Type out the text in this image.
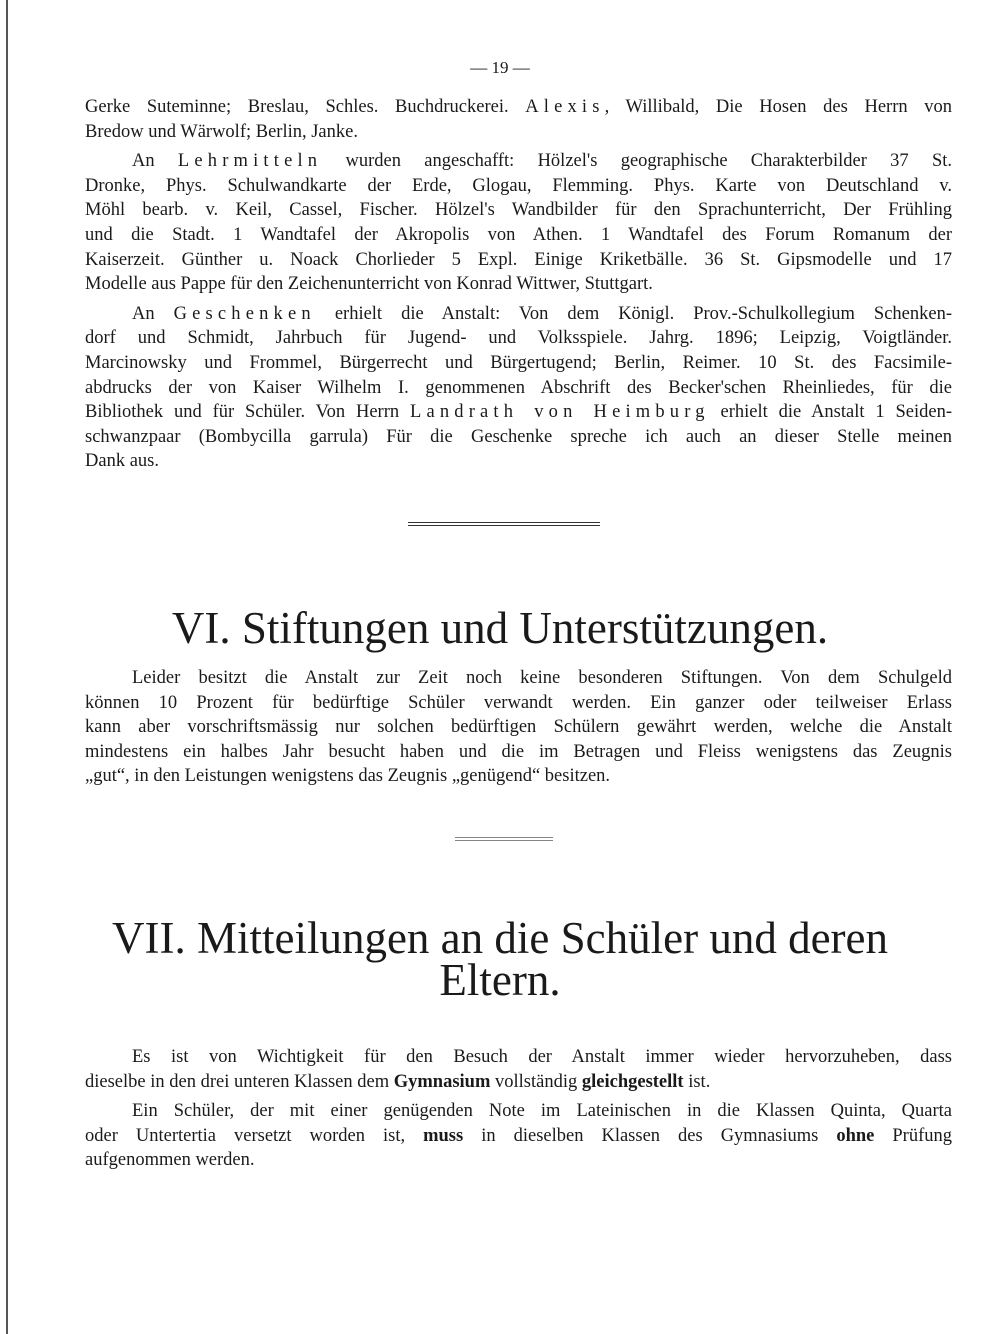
— 19 —
Gerke Suteminne; Breslau, Schles. Buchdruckerei. Alexis, Willibald, Die Hosen des Herrn von
Bredow und Wärwolf; Berlin, Janke.
An Lehrmitteln wurden angeschafft: Hölzel's geographische Charakterbilder 37 St.
Dronke, Phys. Schulwandkarte der Erde, Glogau, Flemming. Phys. Karte von Deutschland v.
Möhl bearb. v. Keil, Cassel, Fischer. Hölzel's Wandbilder für den Sprachunterricht, Der Frühling
und die Stadt. 1 Wandtafel der Akropolis von Athen. 1 Wandtafel des Forum Romanum der
Kaiserzeit. Günther u. Noack Chorlieder 5 Expl. Einige Kriketbälle. 36 St. Gipsmodelle und 17
Modelle aus Pappe für den Zeichenunterricht von Konrad Wittwer, Stuttgart.
An Geschenken erhielt die Anstalt: Von dem Königl. Prov.-Schulkollegium Schenken-
dorf und Schmidt, Jahrbuch für Jugend- und Volksspiele. Jahrg. 1896; Leipzig, Voigtländer.
Marcinowsky und Frommel, Bürgerrecht und Bürgertugend; Berlin, Reimer. 10 St. des Facsimile-
abdrucks der von Kaiser Wilhelm I. genommenen Abschrift des Becker'schen Rheinliedes, für die
Bibliothek und für Schüler. Von Herrn Landrath von Heimburg erhielt die Anstalt 1 Seiden-
schwanzpaar (Bombycilla garrula) Für die Geschenke spreche ich auch an dieser Stelle meinen
Dank aus.
VI. Stiftungen und Unterstützungen.
Leider besitzt die Anstalt zur Zeit noch keine besonderen Stiftungen. Von dem Schulgeld
können 10 Prozent für bedürftige Schüler verwandt werden. Ein ganzer oder teilweiser Erlass
kann aber vorschriftsmässig nur solchen bedürftigen Schülern gewährt werden, welche die Anstalt
mindestens ein halbes Jahr besucht haben und die im Betragen und Fleiss wenigstens das Zeugnis
„gut“, in den Leistungen wenigstens das Zeugnis „genügend“ besitzen.
VII. Mitteilungen an die Schüler und deren
Eltern.
Es ist von Wichtigkeit für den Besuch der Anstalt immer wieder hervorzuheben, dass
dieselbe in den drei unteren Klassen dem Gymnasium vollständig gleichgestellt ist.
Ein Schüler, der mit einer genügenden Note im Lateinischen in die Klassen Quinta, Quarta
oder Untertertia versetzt worden ist, muss in dieselben Klassen des Gymnasiums ohne Prüfung
aufgenommen werden.
